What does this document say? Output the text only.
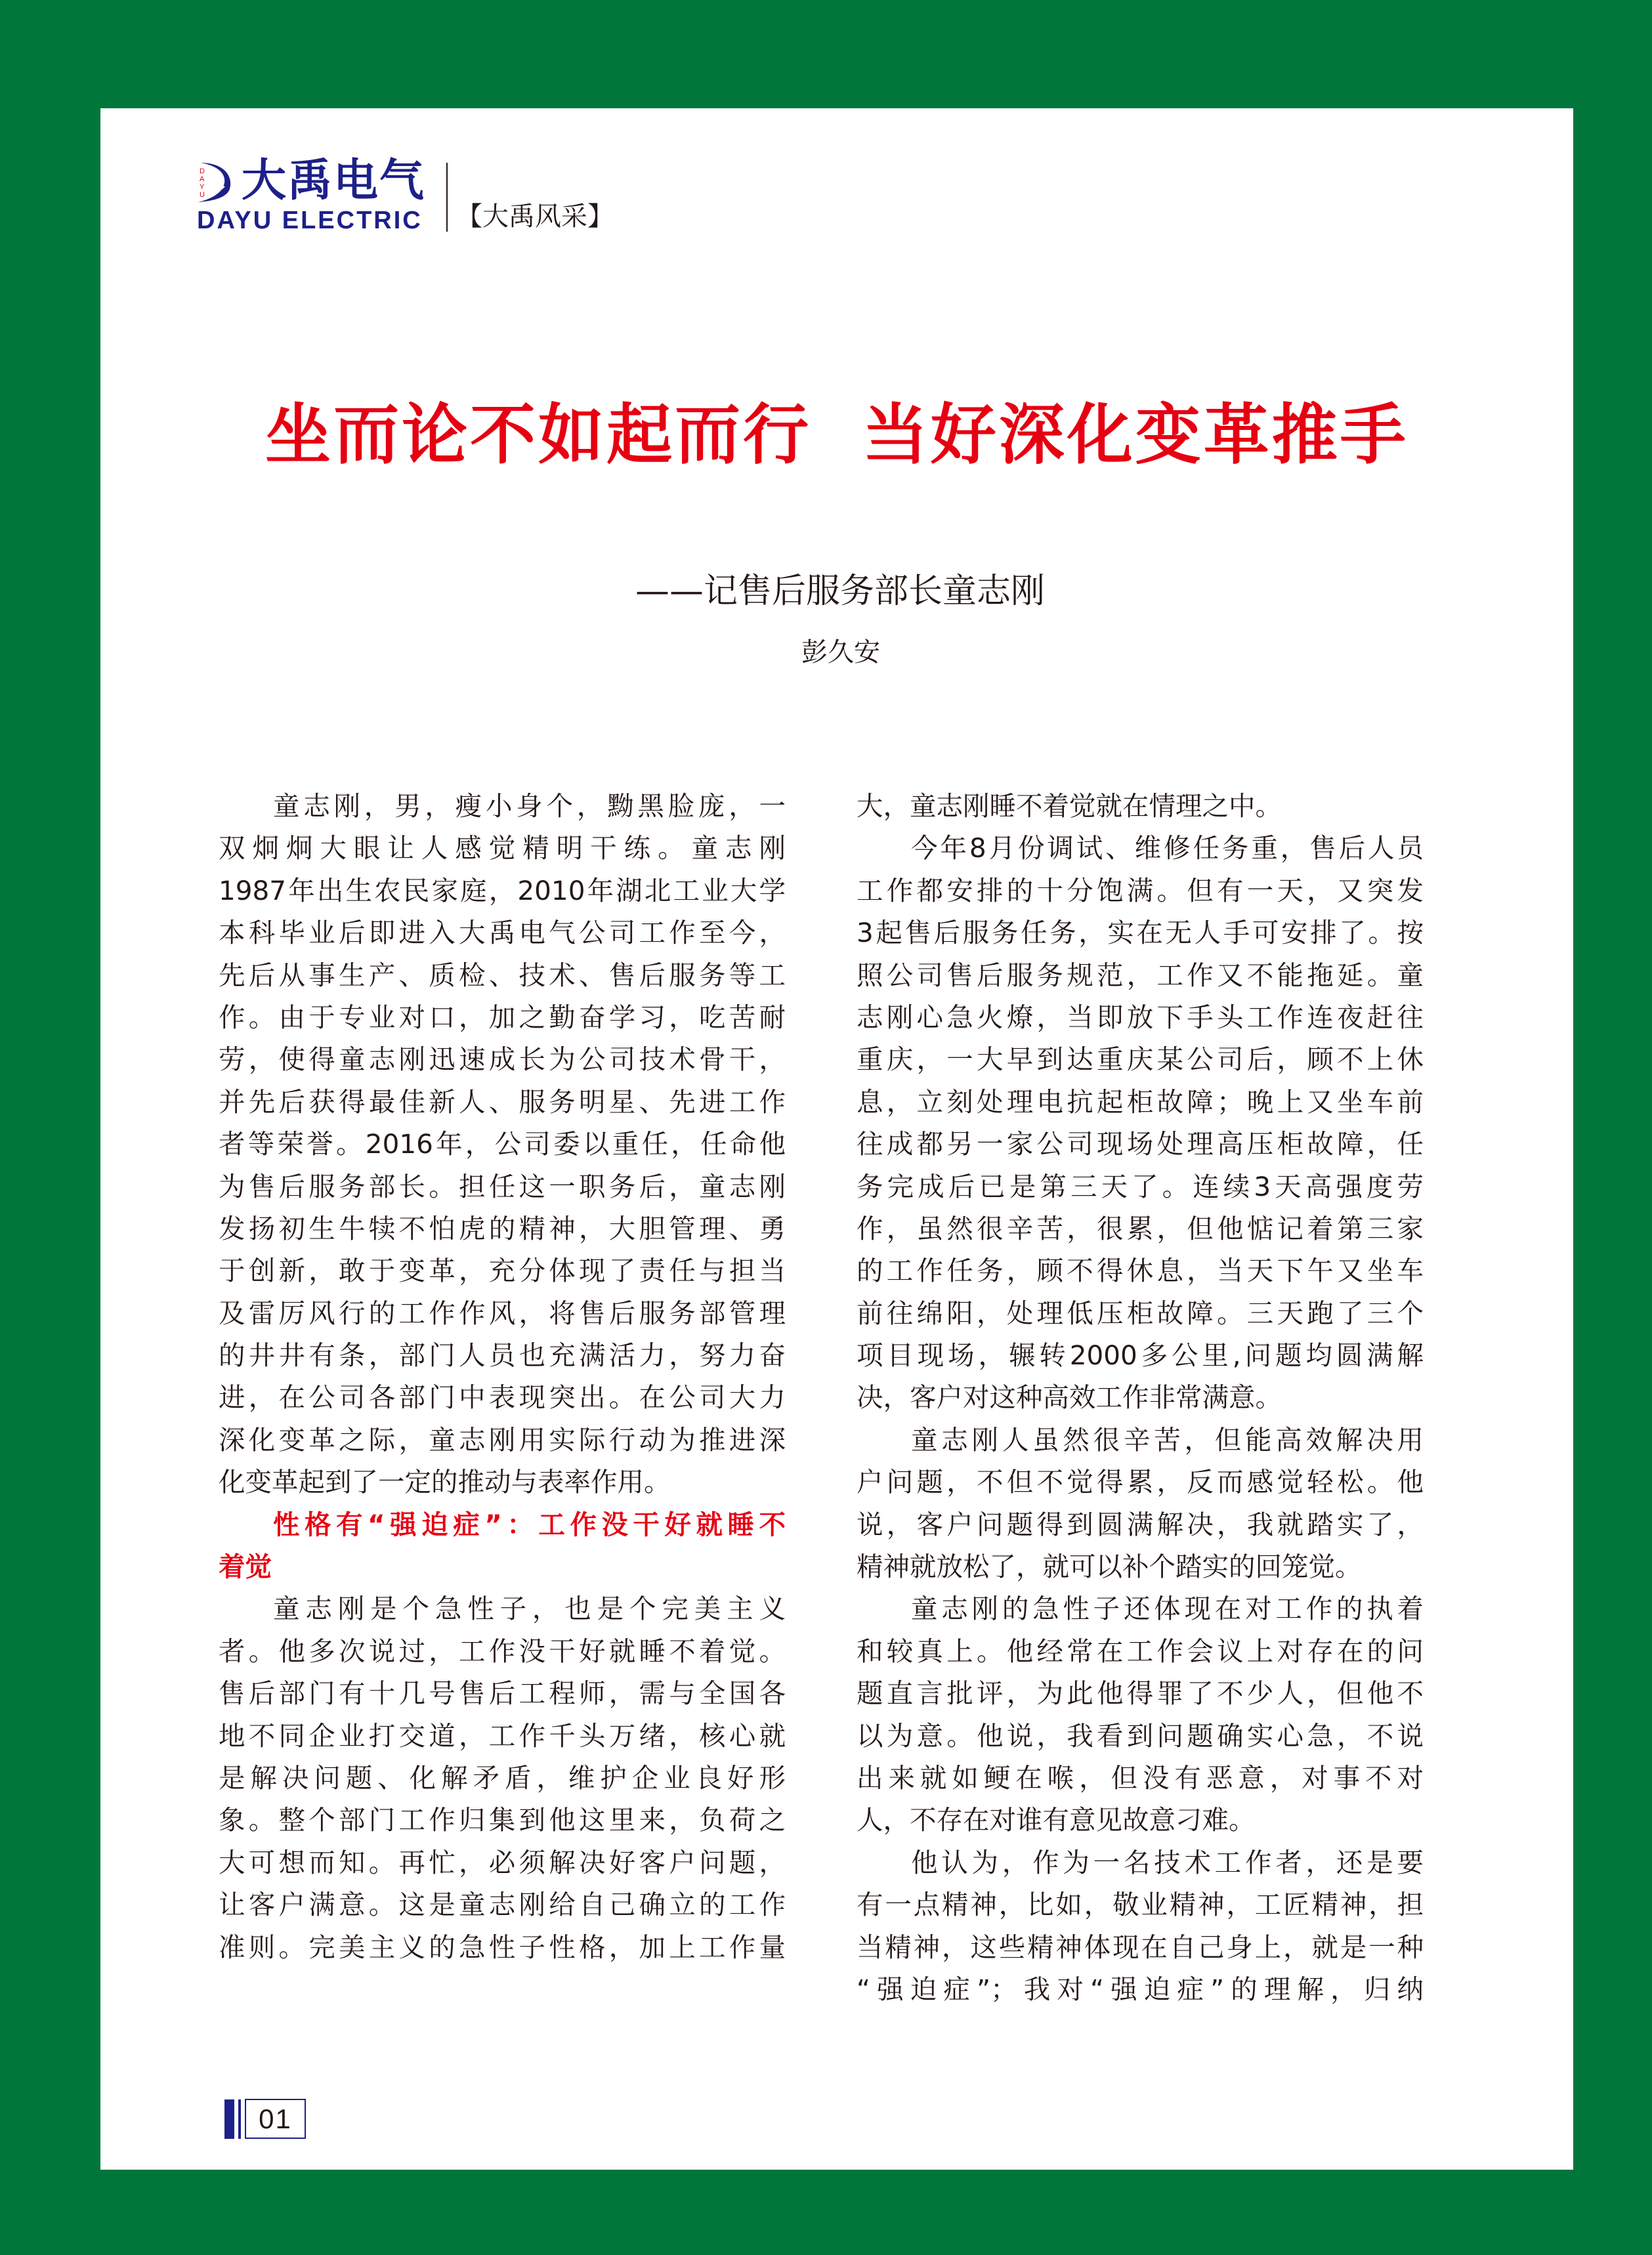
D
A
Y
U 大禹电气
DAYU ELECTRIC 【大禹风采】
坐而论不如起而行  当好深化变革推手
——记售后服务部长童志刚
彭久安
童志刚，男，瘦小身个，黝黑脸庞，一
双炯炯大眼让人感觉精明干练。童志刚
1987年出生农民家庭，2010年湖北工业大学
本科毕业后即进入大禹电气公司工作至今，
先后从事生产、质检、技术、售后服务等工
作。由于专业对口，加之勤奋学习，吃苦耐
劳，使得童志刚迅速成长为公司技术骨干，
并先后获得最佳新人、服务明星、先进工作
者等荣誉。2016年，公司委以重任，任命他
为售后服务部长。担任这一职务后，童志刚
发扬初生牛犊不怕虎的精神，大胆管理、勇
于创新，敢于变革，充分体现了责任与担当
及雷厉风行的工作作风，将售后服务部管理
的井井有条，部门人员也充满活力，努力奋
进，在公司各部门中表现突出。在公司大力
深化变革之际，童志刚用实际行动为推进深
化变革起到了一定的推动与表率作用。
性格有“强迫症”：工作没干好就睡不
着觉
童志刚是个急性子，也是个完美主义
者。他多次说过，工作没干好就睡不着觉。
售后部门有十几号售后工程师，需与全国各
地不同企业打交道，工作千头万绪，核心就
是解决问题、化解矛盾，维护企业良好形
象。整个部门工作归集到他这里来，负荷之
大可想而知。再忙，必须解决好客户问题，
让客户满意。这是童志刚给自己确立的工作
准则。完美主义的急性子性格，加上工作量
大，童志刚睡不着觉就在情理之中。
今年8月份调试、维修任务重，售后人员
工作都安排的十分饱满。但有一天，又突发
3起售后服务任务，实在无人手可安排了。按
照公司售后服务规范，工作又不能拖延。童
志刚心急火燎，当即放下手头工作连夜赶往
重庆，一大早到达重庆某公司后，顾不上休
息，立刻处理电抗起柜故障；晚上又坐车前
往成都另一家公司现场处理高压柜故障，任
务完成后已是第三天了。连续3天高强度劳
作，虽然很辛苦，很累，但他惦记着第三家
的工作任务，顾不得休息，当天下午又坐车
前往绵阳，处理低压柜故障。三天跑了三个
项目现场，辗转2000多公里,问题均圆满解
决，客户对这种高效工作非常满意。
童志刚人虽然很辛苦，但能高效解决用
户问题，不但不觉得累，反而感觉轻松。他
说，客户问题得到圆满解决，我就踏实了，
精神就放松了，就可以补个踏实的回笼觉。
童志刚的急性子还体现在对工作的执着
和较真上。他经常在工作会议上对存在的问
题直言批评，为此他得罪了不少人，但他不
以为意。他说，我看到问题确实心急，不说
出来就如鲠在喉，但没有恶意，对事不对
人，不存在对谁有意见故意刁难。
他认为，作为一名技术工作者，还是要
有一点精神，比如，敬业精神，工匠精神，担
当精神，这些精神体现在自己身上，就是一种
“强迫症”；我对“强迫症”的理解，归纳
01
